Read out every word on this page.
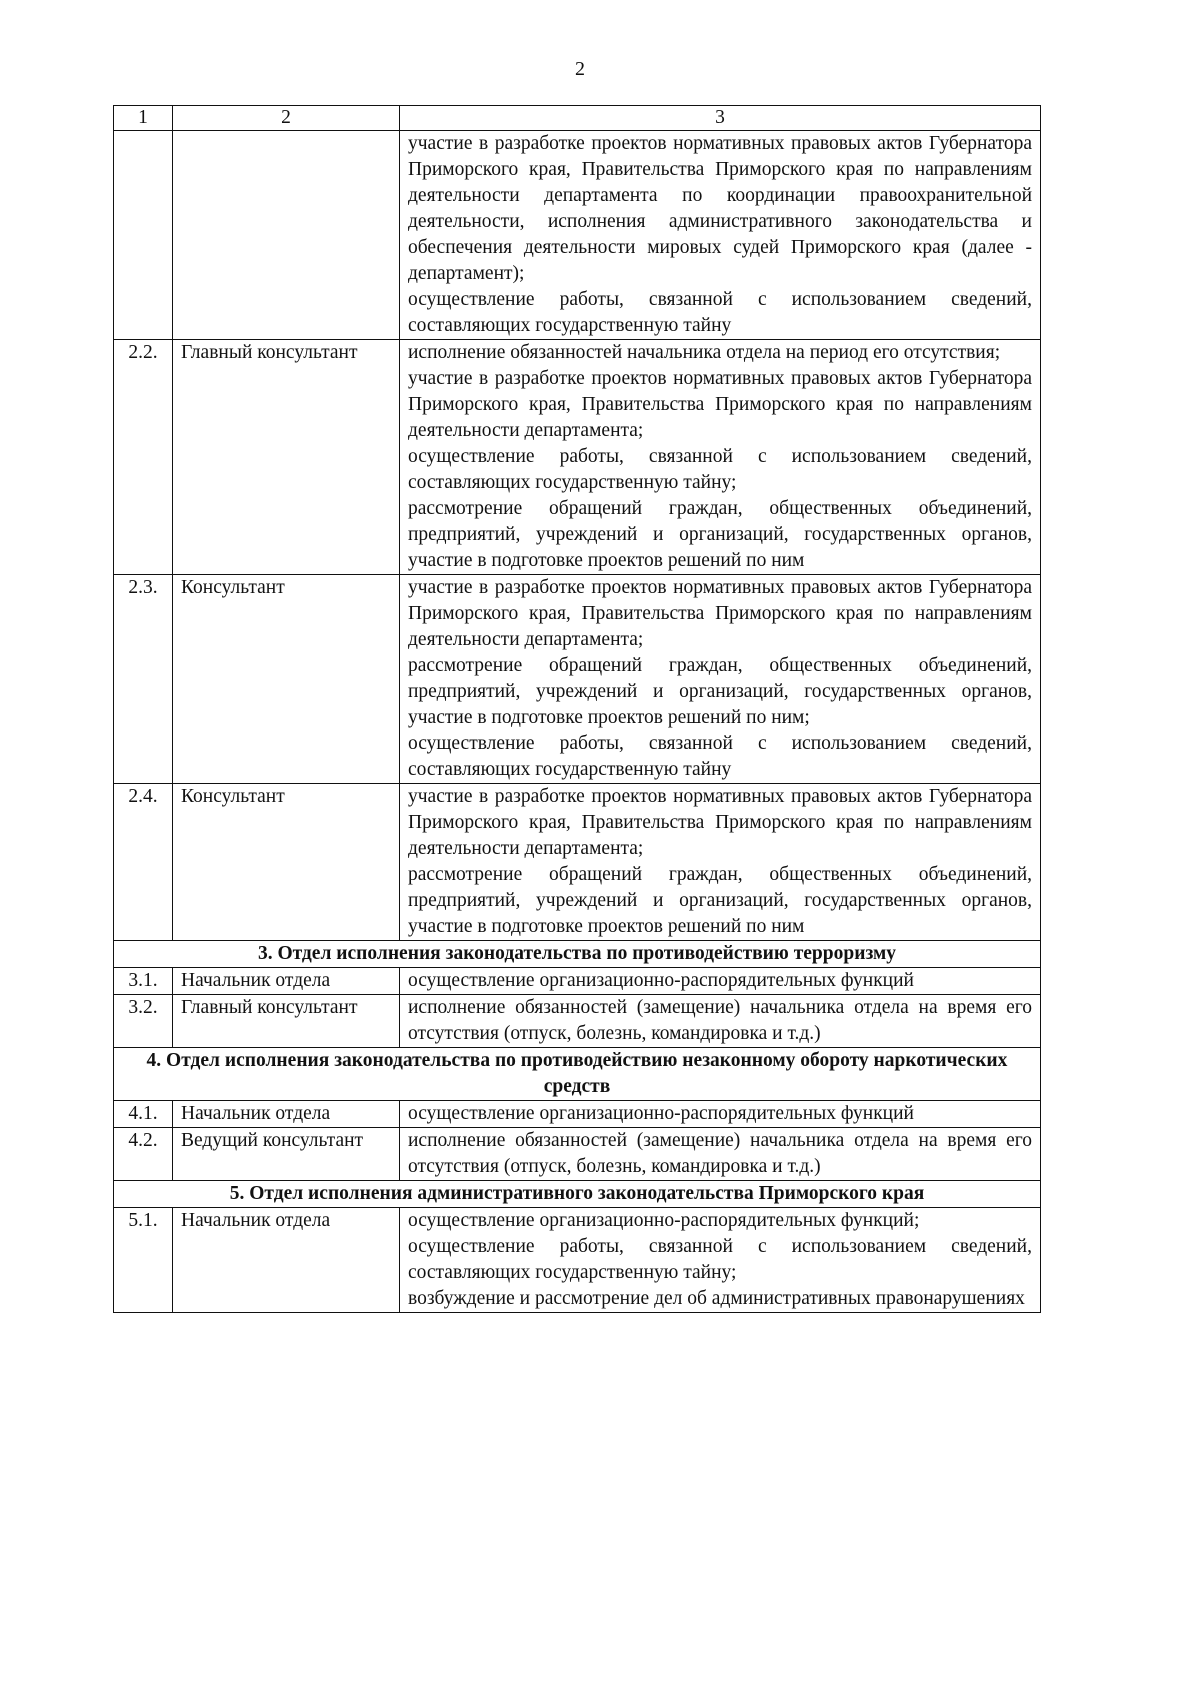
2
1	2	3

		участие в разработке проектов нормативных правовых актов Губернатора Приморского края, Правительства Приморского края по направлениям деятельности департамента по координации правоохранительной деятельности, исполнения административного законодательства и обеспечения деятельности мировых судей Приморского края (далее - департамент);
осуществление работы, связанной с использованием сведений, составляющих государственную тайну

2.2.	Главный консультант	исполнение обязанностей начальника отдела на период его отсутствия;
участие в разработке проектов нормативных правовых актов Губернатора Приморского края, Правительства Приморского края по направлениям деятельности департамента;
осуществление работы, связанной с использованием сведений, составляющих государственную тайну;
рассмотрение обращений граждан, общественных объединений, предприятий, учреждений и организаций, государственных органов, участие в подготовке проектов решений по ним

2.3.	Консультант	участие в разработке проектов нормативных правовых актов Губернатора Приморского края, Правительства Приморского края по направлениям деятельности департамента;
рассмотрение обращений граждан, общественных объединений, предприятий, учреждений и организаций, государственных органов, участие в подготовке проектов решений по ним;
осуществление работы, связанной с использованием сведений, составляющих государственную тайну

2.4.	Консультант	участие в разработке проектов нормативных правовых актов Губернатора Приморского края, Правительства Приморского края по направлениям деятельности департамента;
рассмотрение обращений граждан, общественных объединений, предприятий, учреждений и организаций, государственных органов, участие в подготовке проектов решений по ним

3. Отдел исполнения законодательства по противодействию терроризму		
3.1.	Начальник отдела	осуществление организационно-распорядительных функций

3.2.	Главный консультант	исполнение обязанностей (замещение) начальника отдела на время его отсутствия (отпуск, болезнь, командировка и т.д.)

4. Отдел исполнения законодательства по противодействию незаконному обороту наркотических средств		
4.1.	Начальник отдела	осуществление организационно-распорядительных функций

4.2.	Ведущий консультант	исполнение обязанностей (замещение) начальника отдела на время его отсутствия (отпуск, болезнь, командировка и т.д.)

5. Отдел исполнения административного законодательства Приморского края		
5.1.	Начальник отдела	осуществление организационно-распорядительных функций;
осуществление работы, связанной с использованием сведений, составляющих государственную тайну;
возбуждение и рассмотрение дел об административных правонарушениях
